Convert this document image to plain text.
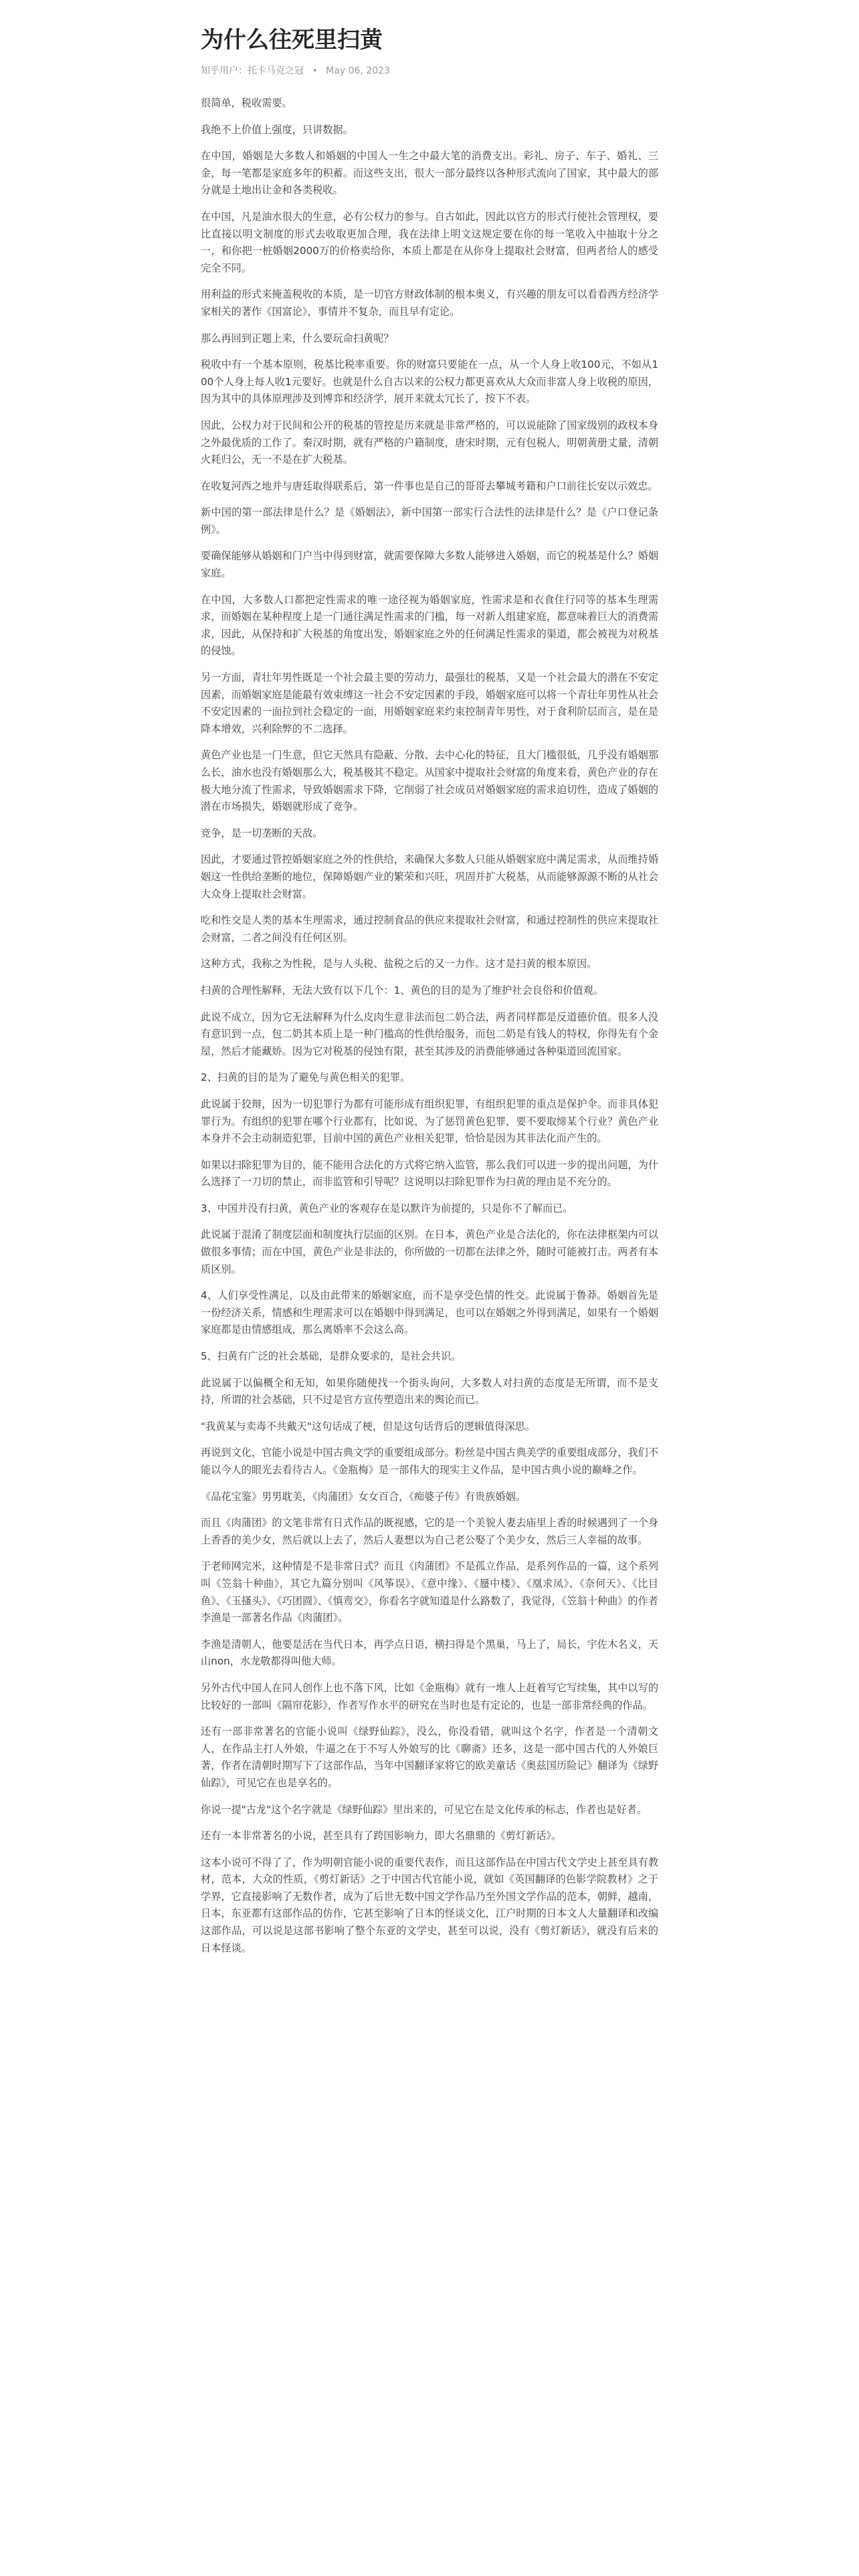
为什么往死里扫黄
知乎用户：托卡马克之冠 • May 06, 2023

很简单，税收需要。

我绝不上价值上强度，只讲数据。

在中国，婚姻是大多数人和婚姻的中国人一生之中最大笔的消费支出。彩礼、房子、车子、婚礼、三金，每一笔都是家庭多年的积蓄。而这些支出，很大一部分最终以各种形式流向了国家，其中最大的部分就是土地出让金和各类税收。

在中国，凡是油水很大的生意，必有公权力的参与。自古如此，因此以官方的形式行使社会管理权，要比直接以明文制度的形式去收取更加合理，我在法律上明文这规定要在你的每一笔收入中抽取十分之一，和你把一桩婚姻2000万的价格卖给你，本质上都是在从你身上提取社会财富，但两者给人的感受完全不同。

用利益的形式来掩盖税收的本质，是一切官方财政体制的根本奥义，有兴趣的朋友可以看看西方经济学家相关的著作《国富论》，事情并不复杂，而且早有定论。

那么再回到正题上来，什么要玩命扫黄呢？

税收中有一个基本原则，税基比税率重要。你的财富只要能在一点，从一个人身上收100元，不如从100个人身上每人收1元要好。也就是什么自古以来的公权力都更喜欢从大众而非富人身上收税的原因，因为其中的具体原理涉及到博弈和经济学，展开来就太冗长了，按下不表。

因此，公权力对于民间和公开的税基的管控是历来就是非常严格的，可以说能除了国家级别的政权本身之外最优质的工作了。秦汉时期，就有严格的户籍制度，唐宋时期，元有包税人，明朝黄册丈量，清朝火耗归公，无一不是在扩大税基。

在收复河西之地并与唐廷取得联系后，第一件事也是自己的哥哥去攀城考籍和户口前往长安以示效忠。

新中国的第一部法律是什么？是《婚姻法》，新中国第一部实行合法性的法律是什么？是《户口登记条例》。

要确保能够从婚姻和门户当中得到财富，就需要保障大多数人能够进入婚姻，而它的税基是什么？婚姻家庭。

在中国，大多数人口都把定性需求的唯一途径视为婚姻家庭，性需求是和衣食住行同等的基本生理需求，而婚姻在某种程度上是一门通往满足性需求的门槛，每一对新人组建家庭，都意味着巨大的消费需求，因此，从保持和扩大税基的角度出发，婚姻家庭之外的任何满足性需求的渠道，都会被视为对税基的侵蚀。

另一方面，青壮年男性既是一个社会最主要的劳动力，最强壮的税基，又是一个社会最大的潜在不安定因素，而婚姻家庭是能最有效束缚这一社会不安定因素的手段，婚姻家庭可以将一个青壮年男性从社会不安定因素的一面拉到社会稳定的一面，用婚姻家庭来约束控制青年男性，对于食利阶层而言，是在是降本增效，兴利除弊的不二选择。

黄色产业也是一门生意，但它天然具有隐蔽、分散、去中心化的特征，且大门槛很低，几乎没有婚姻那么长，油水也没有婚姻那么大，税基极其不稳定。从国家中提取社会财富的角度来看，黄色产业的存在极大地分流了性需求，导致婚姻需求下降，它削弱了社会成员对婚姻家庭的需求迫切性，造成了婚姻的潜在市场损失，婚姻就形成了竞争。

竞争，是一切垄断的天敌。

因此，才要通过管控婚姻家庭之外的性供给，来确保大多数人只能从婚姻家庭中满足需求，从而维持婚姻这一性供给垄断的地位，保障婚姻产业的繁荣和兴旺，巩固并扩大税基，从而能够源源不断的从社会大众身上提取社会财富。

吃和性交是人类的基本生理需求，通过控制食品的供应来提取社会财富，和通过控制性的供应来提取社会财富，二者之间没有任何区别。

这种方式，我称之为性税，是与人头税、盐税之后的又一力作。这才是扫黄的根本原因。

扫黄的合理性解释，无法大致有以下几个：1、黄色的目的是为了维护社会良俗和价值观。

此说不成立，因为它无法解释为什么皮肉生意非法而包二奶合法，两者同样都是反道德价值。很多人没有意识到一点，包二奶其本质上是一种门槛高的性供给服务，而包二奶是有钱人的特权，你得先有个金屋，然后才能藏娇。因为它对税基的侵蚀有限，甚至其涉及的消费能够通过各种渠道回流国家。

2、扫黄的目的是为了避免与黄色相关的犯罪。

此说属于狡辩，因为一切犯罪行为都有可能形成有组织犯罪，有组织犯罪的重点是保护伞。而非具体犯罪行为。有组织的犯罪在哪个行业都有，比如说，为了惩罚黄色犯罪，要不要取缔某个行业？黄色产业本身并不会主动制造犯罪，目前中国的黄色产业相关犯罪，恰恰是因为其非法化而产生的。

如果以扫除犯罪为目的，能不能用合法化的方式将它纳入监管，那么我们可以进一步的提出问题，为什么选择了一刀切的禁止，而非监管和引导呢？这说明以扫除犯罪作为扫黄的理由是不充分的。

3、中国并没有扫黄，黄色产业的客观存在是以默许为前提的，只是你不了解而已。

此说属于混淆了制度层面和制度执行层面的区别。在日本，黄色产业是合法化的，你在法律框架内可以做很多事情；而在中国，黄色产业是非法的，你所做的一切都在法律之外，随时可能被打击。两者有本质区别。

4、人们享受性满足，以及由此带来的婚姻家庭，而不是享受色情的性交。此说属于鲁莽。婚姻首先是一份经济关系，情感和生理需求可以在婚姻中得到满足，也可以在婚姻之外得到满足，如果有一个婚姻家庭都是由情感组成，那么离婚率不会这么高。

5、扫黄有广泛的社会基础，是群众要求的，是社会共识。

此说属于以偏概全和无知，如果你随便找一个街头询问，大多数人对扫黄的态度是无所谓，而不是支持，所谓的社会基础，只不过是官方宣传塑造出来的舆论而已。

"我黄某与卖毒不共戴天"这句话成了梗，但是这句话背后的逻辑值得深思。

再说到文化，官能小说是中国古典文学的重要组成部分。粉丝是中国古典美学的重要组成部分，我们不能以今人的眼光去看待古人。《金瓶梅》是一部伟大的现实主义作品，是中国古典小说的巅峰之作。

《品花宝鉴》男男耽美，《肉蒲团》女女百合，《痴婆子传》有贵族婚姻。

而且《肉蒲团》的文笔非常有日式作品的既视感，它的是一个美貌人妻去庙里上香的时候遇到了一个身上香香的美少女，然后就以上去了，然后人妻想以为自己老公娶了个美少女，然后三人幸福的故事。

于老师网完米，这种情是不是非常日式？而且《肉蒲团》不是孤立作品，是系列作品的一篇，这个系列叫《笠翁十种曲》，其它九篇分别叫《风筝误》、《意中缘》、《蜃中楼》、《凰求凤》、《奈何天》、《比目鱼》、《玉搔头》、《巧团圆》、《慎鸾交》，你看名字就知道是什么路数了，我觉得，《笠翁十种曲》的作者李渔是一部著名作品《肉蒲团》。

李渔是清朝人，他要是活在当代日本，再学点日语，横扫得是个黑巢，马上了，局长，宇佐木名义，天山non，水龙敬都得叫他大师。

另外古代中国人在同人创作上也不落下风，比如《金瓶梅》就有一堆人上赶着写它写续集，其中以写的比较好的一部叫《隔帘花影》，作者写作水平的研究在当时也是有定论的，也是一部非常经典的作品。

还有一部非常著名的官能小说叫《绿野仙踪》，没么，你没看错，就叫这个名字，作者是一个清朝文人，在作品主打人外娘，牛逼之在于不写人外娘写的比《聊斋》还多，这是一部中国古代的人外娘巨著，作者在清朝时期写下了这部作品，当年中国翻译家将它的欧美童话《奥兹国历险记》翻译为《绿野仙踪》，可见它在也是享名的。

你说一提"古龙"这个名字就是《绿野仙踪》里出来的，可见它在是文化传承的标志，作者也是好者。

还有一本非常著名的小说，甚至具有了跨国影响力，即大名鼎鼎的《剪灯新话》。

这本小说可不得了了，作为明朝官能小说的重要代表作，而且这部作品在中国古代文学史上甚至具有教材，范本，大众的性质，《剪灯新话》之于中国古代官能小说，就如《英国翻译的色影学院教材》之于学界，它直接影响了无数作者，成为了后世无数中国文学作品乃至外国文学作品的范本，朝鲜，越南，日本，东亚都有这部作品的仿作，它甚至影响了日本的怪谈文化，江户时期的日本文人大量翻译和改编这部作品，可以说是这部书影响了整个东亚的文学史，甚至可以说，没有《剪灯新话》，就没有后来的日本怪谈。
